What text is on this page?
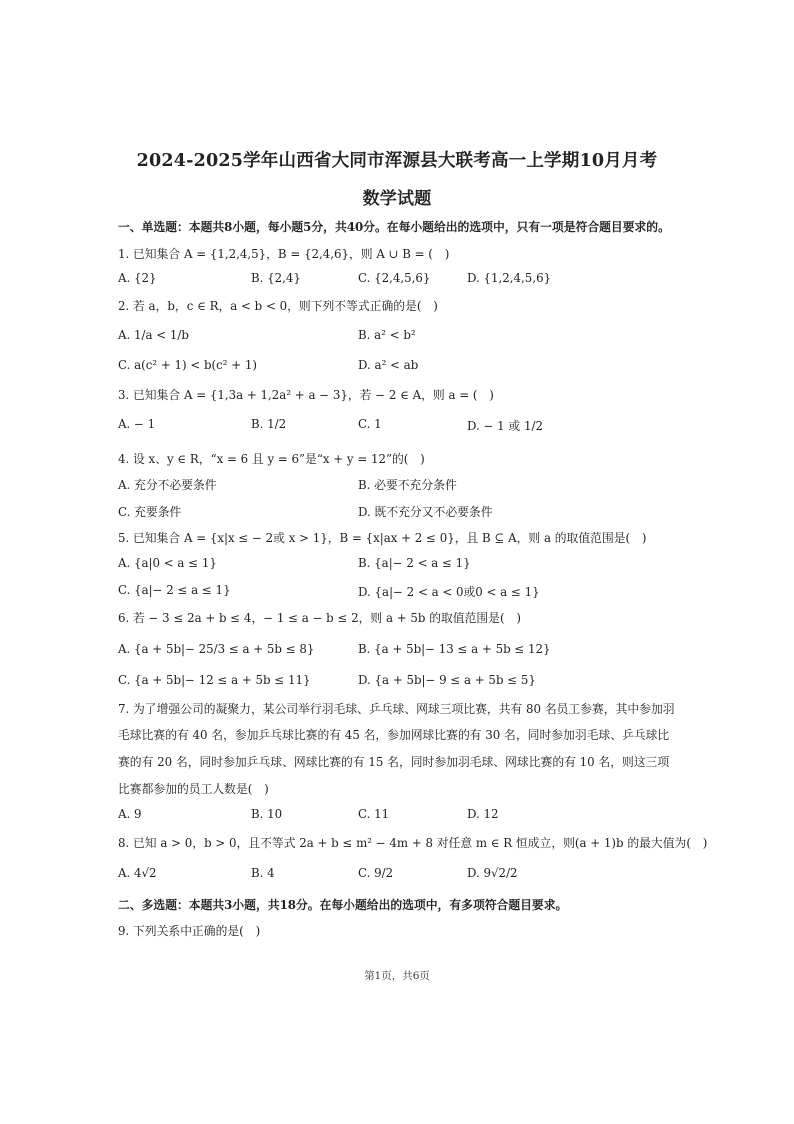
2024-2025学年山西省大同市浑源县大联考高一上学期10月月考
数学试题
一、单选题：本题共8小题，每小题5分，共40分。在每小题给出的选项中，只有一项是符合题目要求的。
1. 已知集合 A = {1,2,4,5}，B = {2,4,6}，则 A ∪ B = (　)
A. {2}	B. {2,4}	C. {2,4,5,6}	D. {1,2,4,5,6}
2. 若 a，b，c ∈ R，a < b < 0，则下列不等式正确的是(　)
A. 1/a < 1/b	B. a² < b²
C. a(c² + 1) < b(c² + 1)	D. a² < ab
3. 已知集合 A = {1,3a + 1,2a² + a − 3}，若 − 2 ∈ A，则 a = (　)
A. − 1	B. 1/2	C. 1	D. − 1 或 1/2
4. 设 x、y ∈ R，“x = 6 且 y = 6”是“x + y = 12”的(　)
A. 充分不必要条件	B. 必要不充分条件
C. 充要条件	D. 既不充分又不必要条件
5. 已知集合 A = {x|x ≤ − 2或 x > 1}，B = {x|ax + 2 ≤ 0}，且 B ⊆ A，则 a 的取值范围是(　)
A. {a|0 < a ≤ 1}	B. {a|− 2 < a ≤ 1}
C. {a|− 2 ≤ a ≤ 1}	D. {a|− 2 < a < 0或0 < a ≤ 1}
6. 若 − 3 ≤ 2a + b ≤ 4，− 1 ≤ a − b ≤ 2，则 a + 5b 的取值范围是(　)
A. {a + 5b|− 25/3 ≤ a + 5b ≤ 8}	B. {a + 5b|− 13 ≤ a + 5b ≤ 12}
C. {a + 5b|− 12 ≤ a + 5b ≤ 11}	D. {a + 5b|− 9 ≤ a + 5b ≤ 5}
7. 为了增强公司的凝聚力，某公司举行羽毛球、乒乓球、网球三项比赛，共有 80 名员工参赛，其中参加羽
毛球比赛的有 40 名，参加乒乓球比赛的有 45 名，参加网球比赛的有 30 名，同时参加羽毛球、乒乓球比
赛的有 20 名，同时参加乒乓球、网球比赛的有 15 名，同时参加羽毛球、网球比赛的有 10 名，则这三项
比赛都参加的员工人数是(　)
A. 9	B. 10	C. 11	D. 12
8. 已知 a > 0，b > 0，且不等式 2a + b ≤ m² − 4m + 8 对任意 m ∈ R 恒成立，则(a + 1)b 的最大值为(　)
A. 4√2	B. 4	C. 9/2	D. 9√2/2
二、多选题：本题共3小题，共18分。在每小题给出的选项中，有多项符合题目要求。
9. 下列关系中正确的是(　)
第1页，共6页
